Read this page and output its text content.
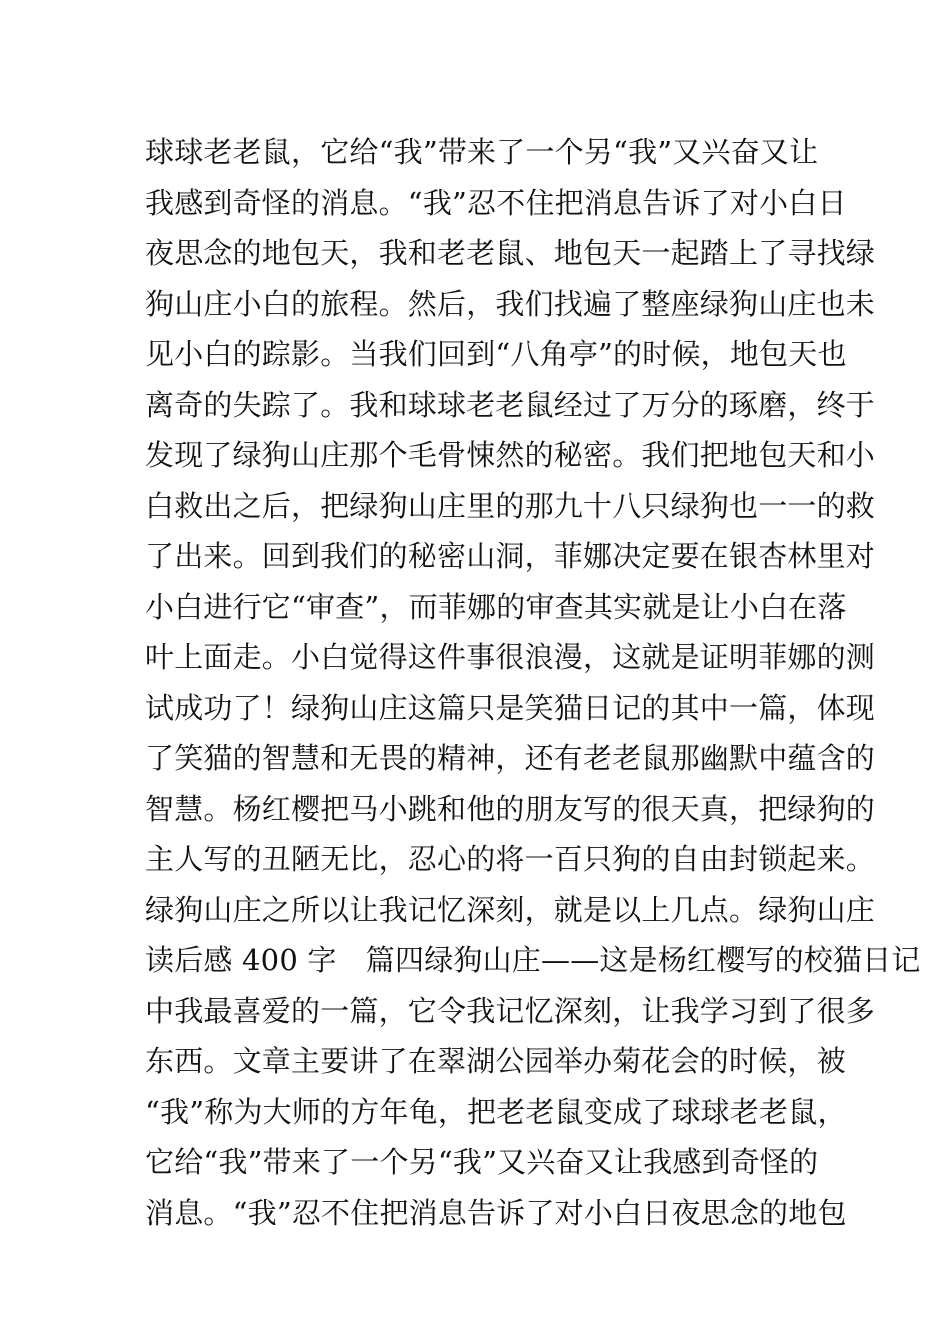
球球老老鼠，它给“我”带来了一个另“我”又兴奋又让
我感到奇怪的消息。“我”忍不住把消息告诉了对小白日
夜思念的地包天，我和老老鼠、地包天一起踏上了寻找绿
狗山庄小白的旅程。然后，我们找遍了整座绿狗山庄也未
见小白的踪影。当我们回到“八角亭”的时候，地包天也
离奇的失踪了。我和球球老老鼠经过了万分的琢磨，终于
发现了绿狗山庄那个毛骨悚然的秘密。我们把地包天和小
白救出之后，把绿狗山庄里的那九十八只绿狗也一一的救
了出来。回到我们的秘密山洞，菲娜决定要在银杏林里对
小白进行它“审查”，而菲娜的审查其实就是让小白在落
叶上面走。小白觉得这件事很浪漫，这就是证明菲娜的测
试成功了！绿狗山庄这篇只是笑猫日记的其中一篇，体现
了笑猫的智慧和无畏的精神，还有老老鼠那幽默中蕴含的
智慧。杨红樱把马小跳和他的朋友写的很天真，把绿狗的
主人写的丑陋无比，忍心的将一百只狗的自由封锁起来。
绿狗山庄之所以让我记忆深刻，就是以上几点。绿狗山庄
读后感 400 字　篇四绿狗山庄——这是杨红樱写的校猫日记
中我最喜爱的一篇，它令我记忆深刻，让我学习到了很多
东西。文章主要讲了在翠湖公园举办菊花会的时候，被
“我”称为大师的方年龟，把老老鼠变成了球球老老鼠，
它给“我”带来了一个另“我”又兴奋又让我感到奇怪的
消息。“我”忍不住把消息告诉了对小白日夜思念的地包
